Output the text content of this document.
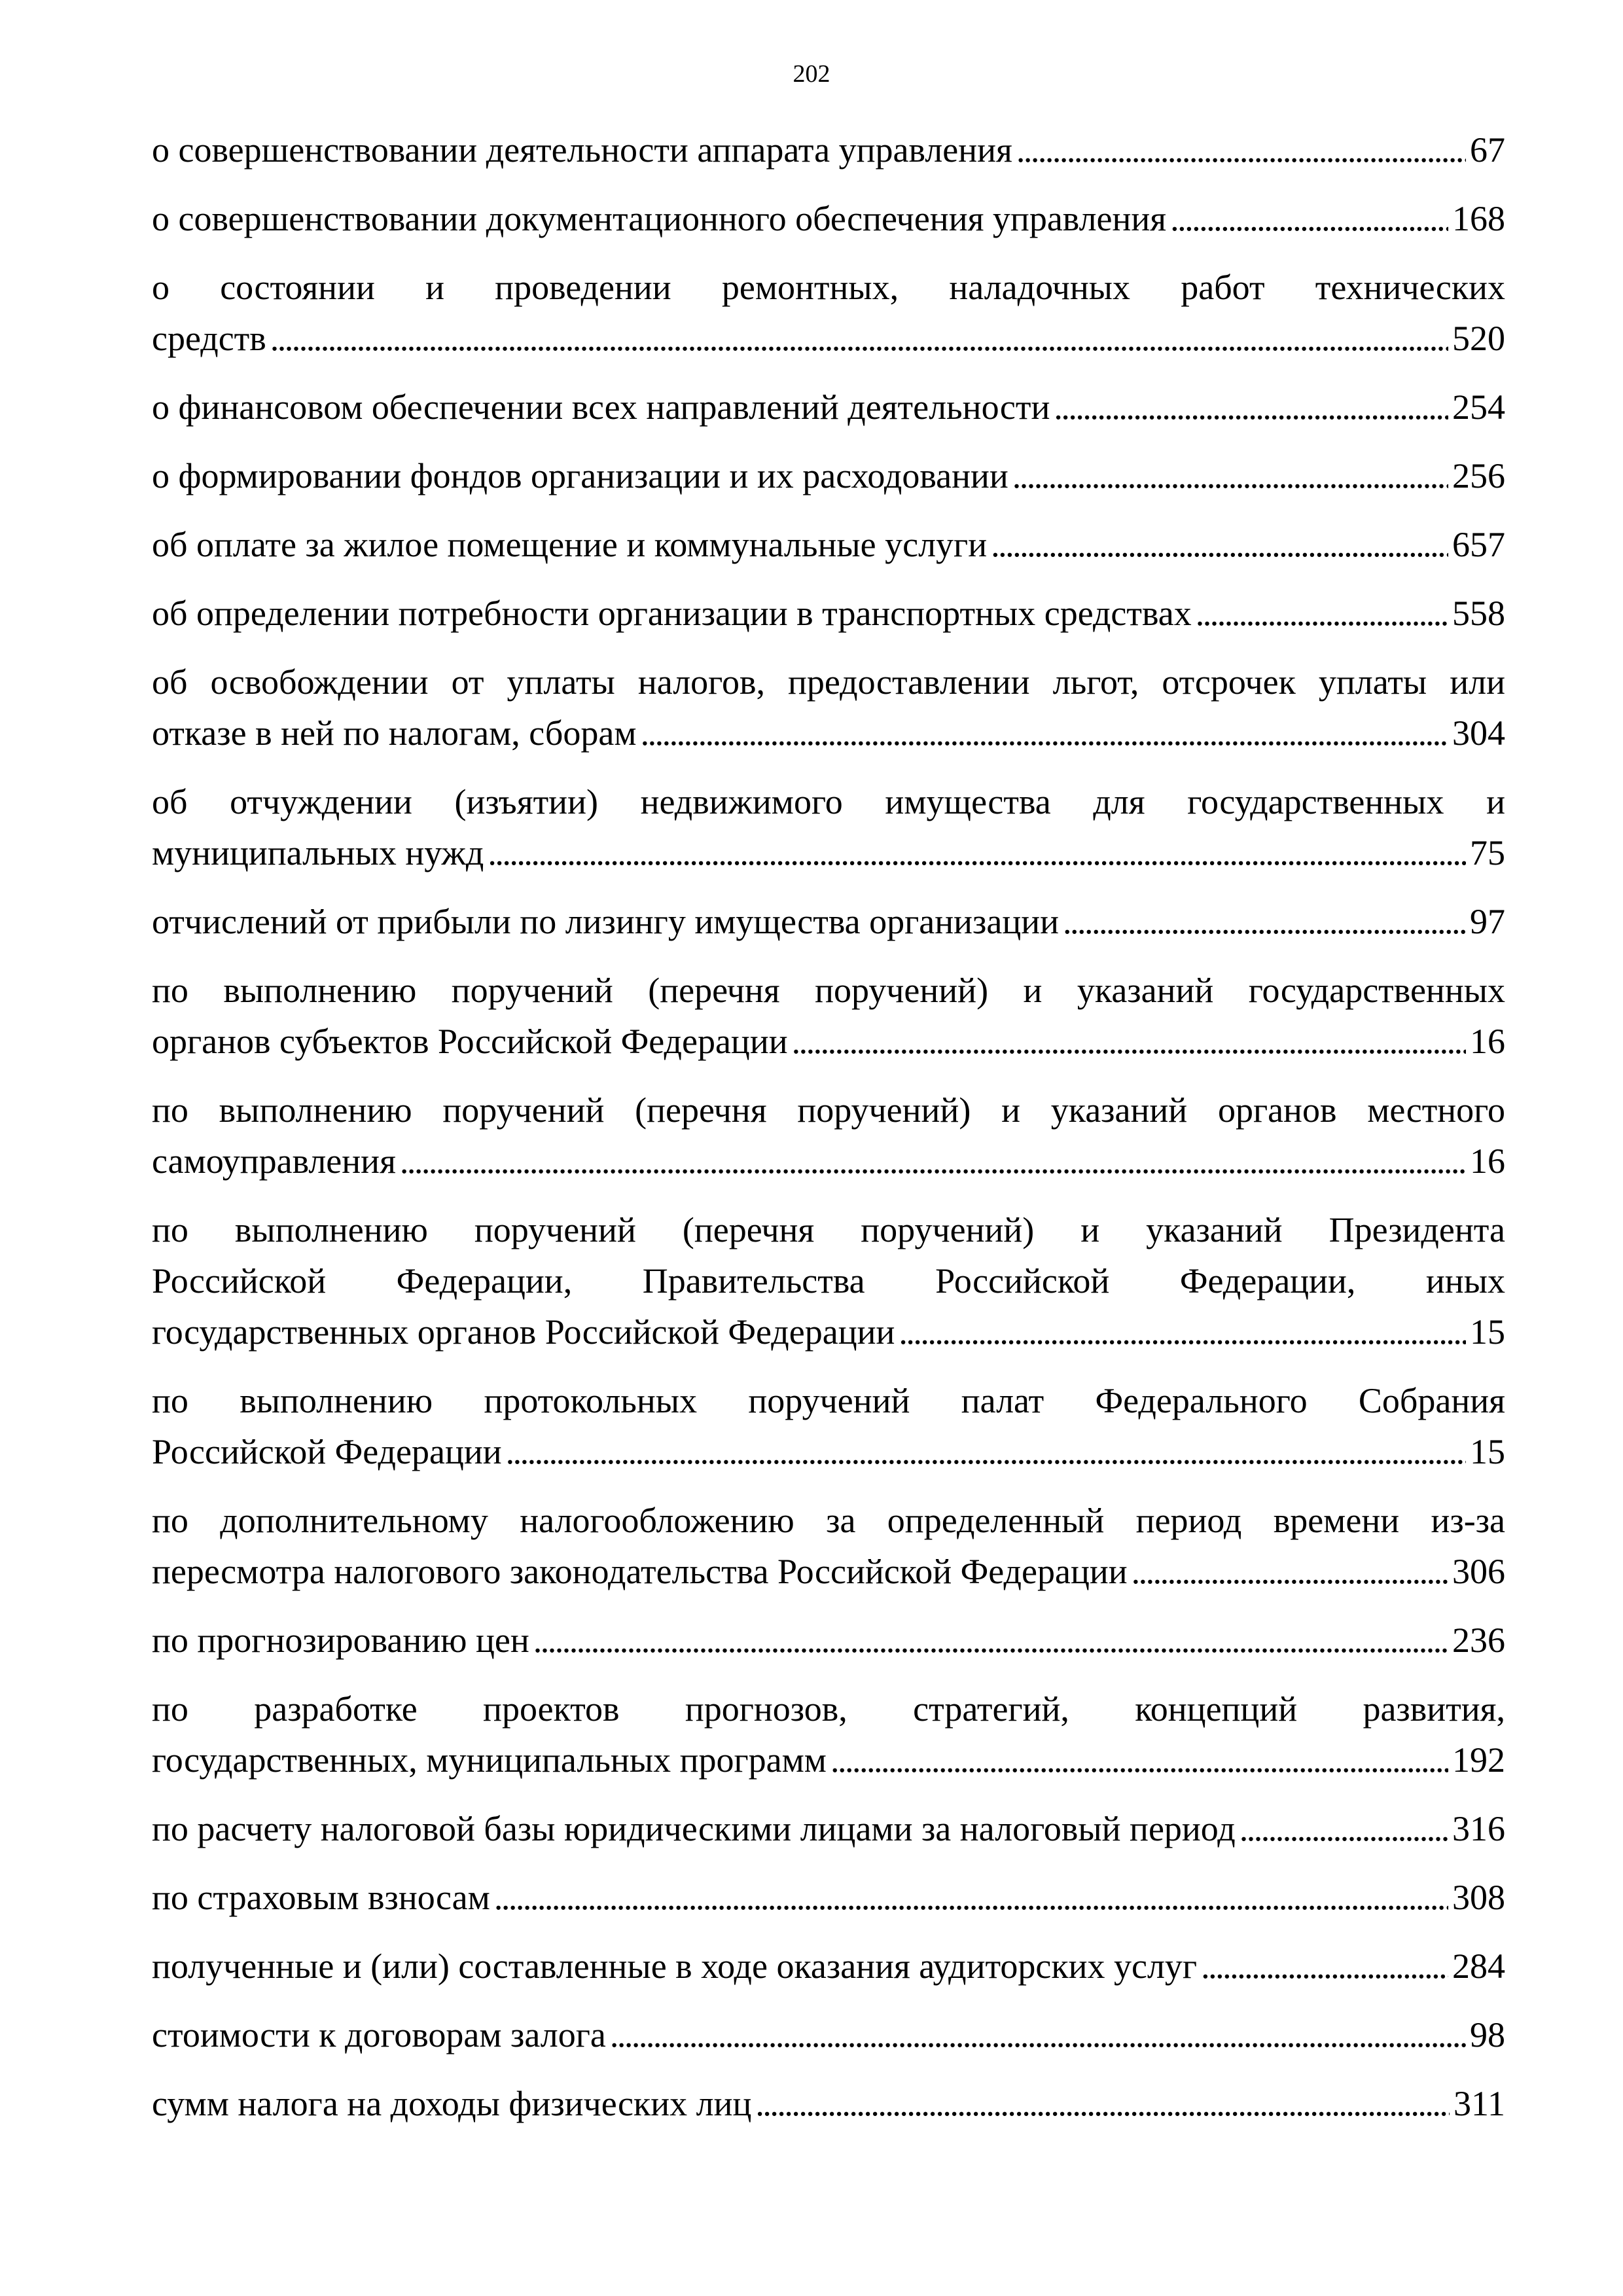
202
о совершенствовании деятельности аппарата управления . . .	67
о совершенствовании документационного обеспечения управления . . .	168
о состоянии и проведении ремонтных, наладочных работ технических
средств . . .	520
о финансовом обеспечении всех направлений деятельности . . .	254
о формировании фондов организации и их расходовании . . .	256
об оплате за жилое помещение и коммунальные услуги . . .	657
об определении потребности организации в транспортных средствах . . .	558
об освобождении от уплаты налогов, предоставлении льгот, отсрочек уплаты или
отказе в ней по налогам, сборам . . .	304
об отчуждении (изъятии) недвижимого имущества для государственных и
муниципальных нужд . . .	75
отчислений от прибыли по лизингу имущества организации . . .	97
по выполнению поручений (перечня поручений) и указаний государственных
органов субъектов Российской Федерации . . .	16
по выполнению поручений (перечня поручений) и указаний органов местного
самоуправления . . .	16
по выполнению поручений (перечня поручений) и указаний Президента
Российской Федерации, Правительства Российской Федерации, иных
государственных органов Российской Федерации . . .	15
по выполнению протокольных поручений палат Федерального Собрания
Российской Федерации . . .	15
по дополнительному налогообложению за определенный период времени из-за
пересмотра налогового законодательства Российской Федерации . . .	306
по прогнозированию цен . . .	236
по разработке проектов прогнозов, стратегий, концепций развития,
государственных, муниципальных программ . . .	192
по расчету налоговой базы юридическими лицами за налоговый период . . .	316
по страховым взносам . . .	308
полученные и (или) составленные в ходе оказания аудиторских услуг . . .	284
стоимости к договорам залога . . .	98
сумм налога на доходы физических лиц . . .	311
